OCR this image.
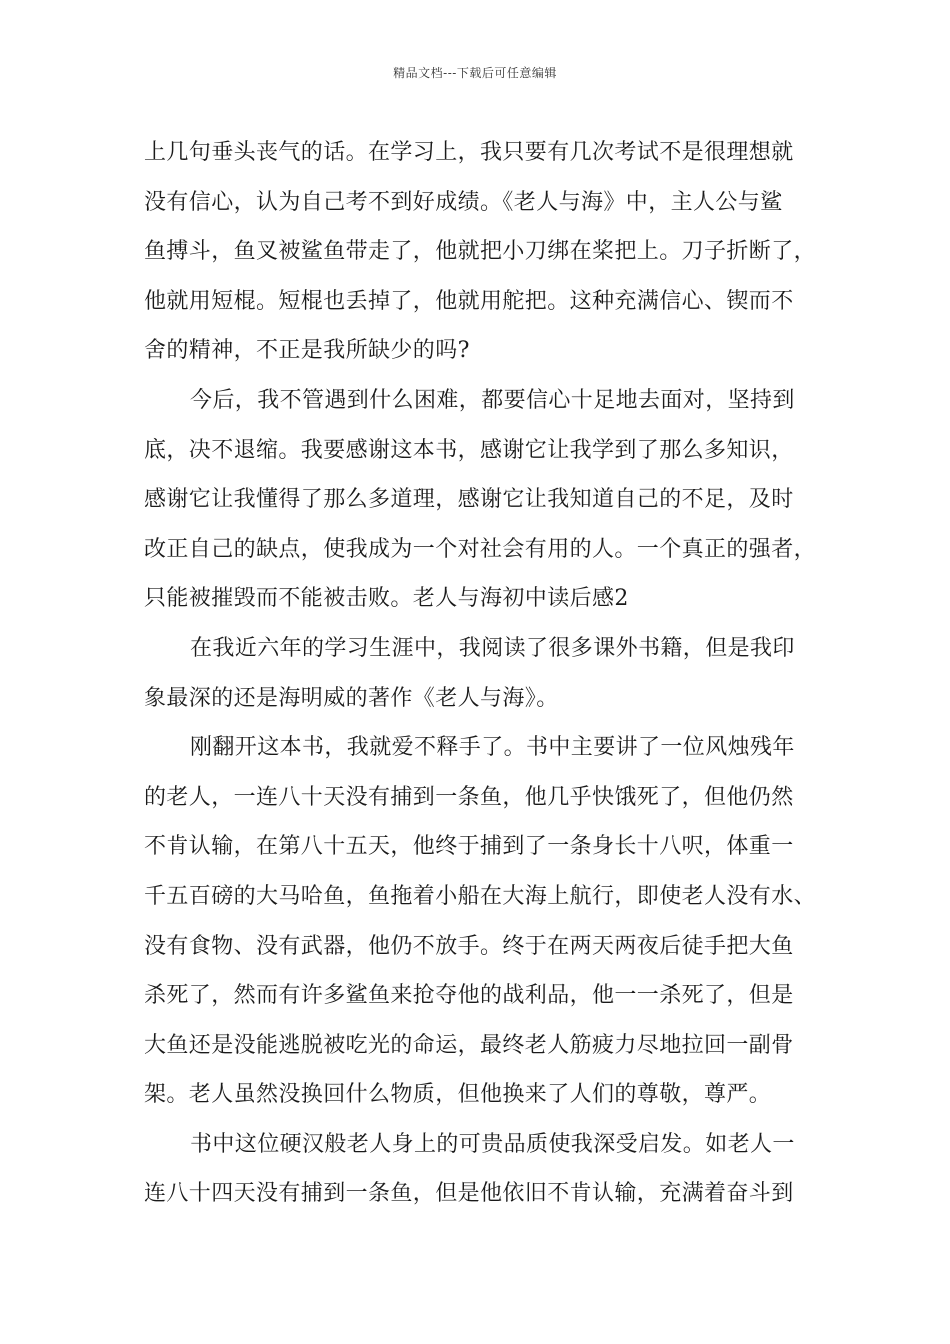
精品文档---下载后可任意编辑
上几句垂头丧气的话。在学习上，我只要有几次考试不是很理想就
没有信心，认为自己考不到好成绩。《老人与海》中，主人公与鲨
鱼搏斗，鱼叉被鲨鱼带走了，他就把小刀绑在桨把上。刀子折断了，
他就用短棍。短棍也丢掉了，他就用舵把。这种充满信心、锲而不
舍的精神，不正是我所缺少的吗?
今后，我不管遇到什么困难，都要信心十足地去面对，坚持到
底，决不退缩。我要感谢这本书，感谢它让我学到了那么多知识，
感谢它让我懂得了那么多道理，感谢它让我知道自己的不足，及时
改正自己的缺点，使我成为一个对社会有用的人。一个真正的强者，
只能被摧毁而不能被击败。老人与海初中读后感2
在我近六年的学习生涯中，我阅读了很多课外书籍，但是我印
象最深的还是海明威的著作《老人与海》。
刚翻开这本书，我就爱不释手了。书中主要讲了一位风烛残年
的老人，一连八十天没有捕到一条鱼，他几乎快饿死了，但他仍然
不肯认输，在第八十五天，他终于捕到了一条身长十八呎，体重一
千五百磅的大马哈鱼，鱼拖着小船在大海上航行，即使老人没有水、
没有食物、没有武器，他仍不放手。终于在两天两夜后徒手把大鱼
杀死了，然而有许多鲨鱼来抢夺他的战利品，他一一杀死了，但是
大鱼还是没能逃脱被吃光的命运，最终老人筋疲力尽地拉回一副骨
架。老人虽然没换回什么物质，但他换来了人们的尊敬，尊严。
书中这位硬汉般老人身上的可贵品质使我深受启发。如老人一
连八十四天没有捕到一条鱼，但是他依旧不肯认输，充满着奋斗到
